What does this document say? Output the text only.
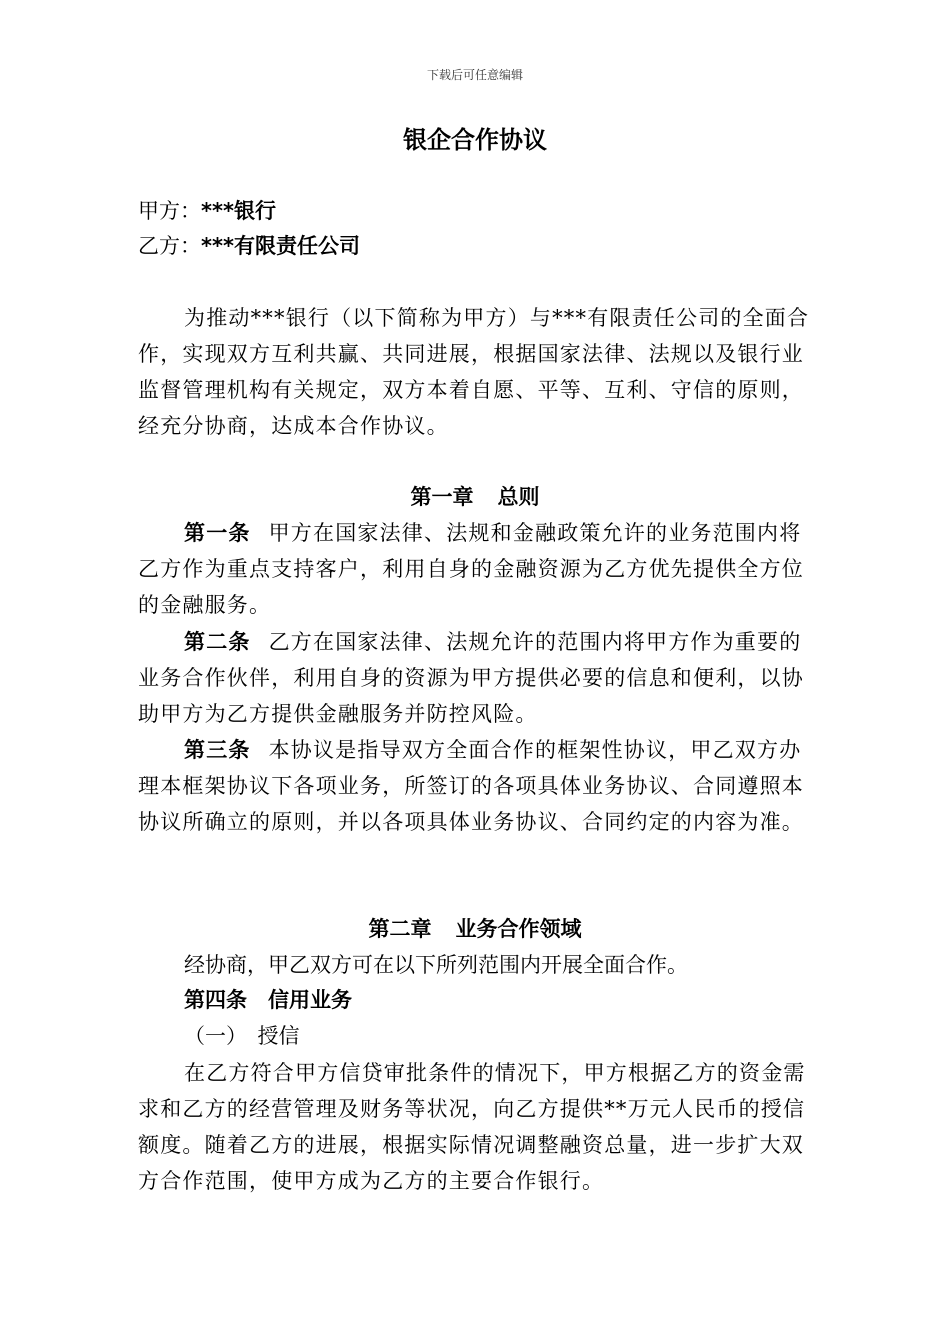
下载后可任意编辑
银企合作协议
甲方：***银行
乙方：***有限责任公司
为推动***银行（以下简称为甲方）与***有限责任公司的全面合作，实现双方互利共赢、共同进展，根据国家法律、法规以及银行业监督管理机构有关规定，双方本着自愿、平等、互利、守信的原则，经充分协商，达成本合作协议。
第一章 总则
第一条 甲方在国家法律、法规和金融政策允许的业务范围内将乙方作为重点支持客户，利用自身的金融资源为乙方优先提供全方位的金融服务。
第二条 乙方在国家法律、法规允许的范围内将甲方作为重要的业务合作伙伴，利用自身的资源为甲方提供必要的信息和便利，以协助甲方为乙方提供金融服务并防控风险。
第三条 本协议是指导双方全面合作的框架性协议，甲乙双方办理本框架协议下各项业务，所签订的各项具体业务协议、合同遵照本协议所确立的原则，并以各项具体业务协议、合同约定的内容为准。
第二章 业务合作领域
经协商，甲乙双方可在以下所列范围内开展全面合作。
第四条　信用业务
（一）　授信
在乙方符合甲方信贷审批条件的情况下，甲方根据乙方的资金需求和乙方的经营管理及财务等状况，向乙方提供**万元人民币的授信额度。随着乙方的进展，根据实际情况调整融资总量，进一步扩大双方合作范围，使甲方成为乙方的主要合作银行。
